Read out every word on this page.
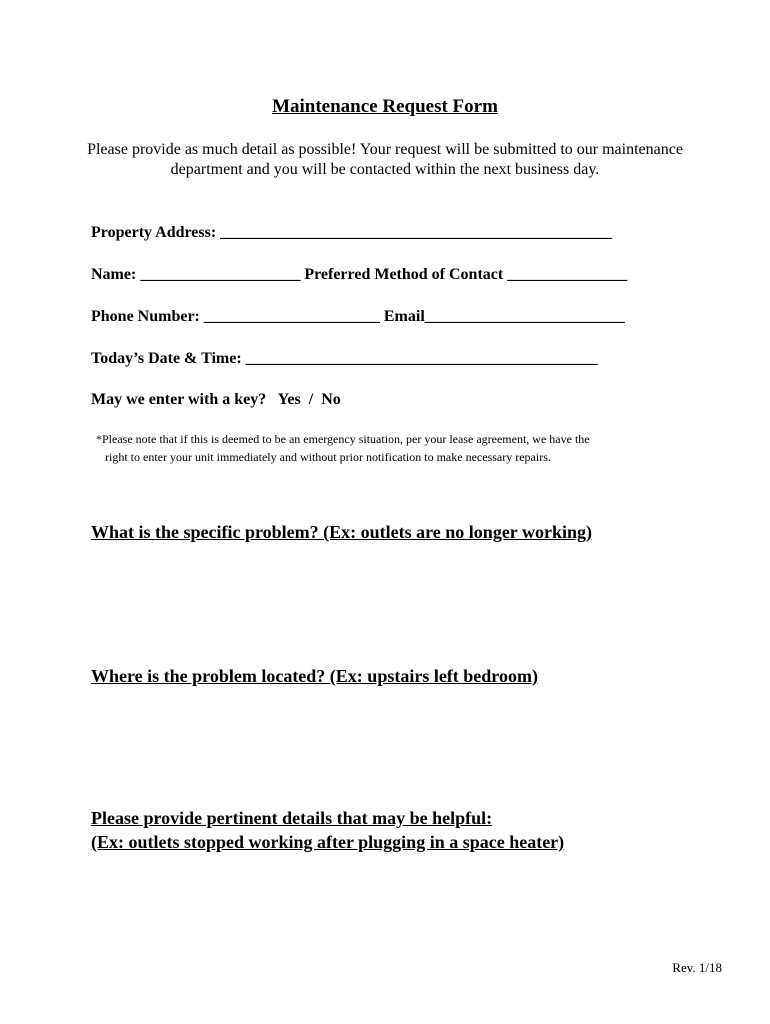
Maintenance Request Form
Please provide as much detail as possible! Your request will be submitted to our maintenance
department and you will be contacted within the next business day.
Property Address: _________________________________________________
Name: ____________________ Preferred Method of Contact _______________
Phone Number: ______________________ Email_________________________
Today’s Date & Time: ____________________________________________
May we enter with a key?   Yes  /  No
*Please note that if this is deemed to be an emergency situation, per your lease agreement, we have the
right to enter your unit immediately and without prior notification to make necessary repairs.
What is the specific problem? (Ex: outlets are no longer working)
Where is the problem located? (Ex: upstairs left bedroom)
Please provide pertinent details that may be helpful:
(Ex: outlets stopped working after plugging in a space heater)
Rev. 1/18
